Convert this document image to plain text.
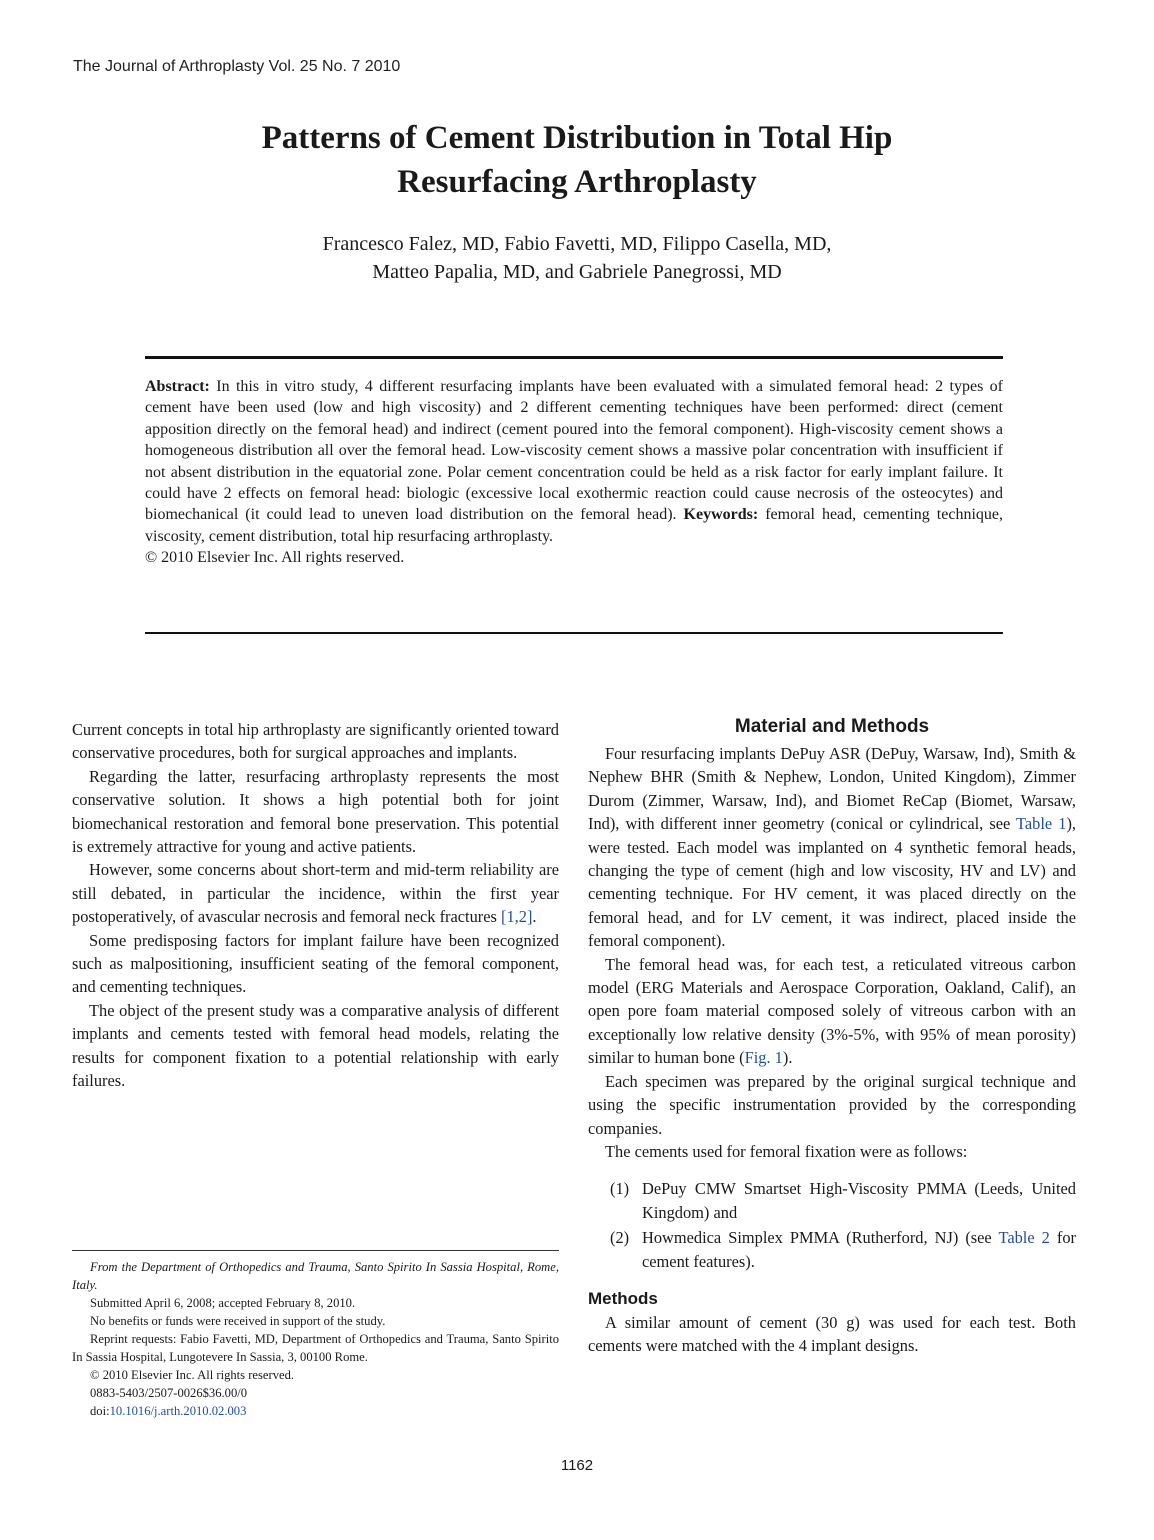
The Journal of Arthroplasty Vol. 25 No. 7 2010
Patterns of Cement Distribution in Total Hip
Resurfacing Arthroplasty
Francesco Falez, MD, Fabio Favetti, MD, Filippo Casella, MD,
Matteo Papalia, MD, and Gabriele Panegrossi, MD
Abstract: In this in vitro study, 4 different resurfacing implants have been evaluated with a simulated femoral head: 2 types of cement have been used (low and high viscosity) and 2 different cementing techniques have been performed: direct (cement apposition directly on the femoral head) and indirect (cement poured into the femoral component). High-viscosity cement shows a homogeneous distribution all over the femoral head. Low-viscosity cement shows a massive polar concentration with insufficient if not absent distribution in the equatorial zone. Polar cement concentration could be held as a risk factor for early implant failure. It could have 2 effects on femoral head: biologic (excessive local exothermic reaction could cause necrosis of the osteocytes) and biomechanical (it could lead to uneven load distribution on the femoral head). Keywords: femoral head, cementing technique, viscosity, cement distribution, total hip resurfacing arthroplasty.
© 2010 Elsevier Inc. All rights reserved.

Current concepts in total hip arthroplasty are significantly oriented toward conservative procedures, both for surgical approaches and implants.

Regarding the latter, resurfacing arthroplasty represents the most conservative solution. It shows a high potential both for joint biomechanical restoration and femoral bone preservation. This potential is extremely attractive for young and active patients.

However, some concerns about short-term and mid-term reliability are still debated, in particular the incidence, within the first year postoperatively, of avascular necrosis and femoral neck fractures [1,2].

Some predisposing factors for implant failure have been recognized such as malpositioning, insufficient seating of the femoral component, and cementing techniques.

The object of the present study was a comparative analysis of different implants and cements tested with femoral head models, relating the results for component fixation to a potential relationship with early failures.

From the Department of Orthopedics and Trauma, Santo Spirito In Sassia Hospital, Rome, Italy.

Submitted April 6, 2008; accepted February 8, 2010.

No benefits or funds were received in support of the study.

Reprint requests: Fabio Favetti, MD, Department of Orthopedics and Trauma, Santo Spirito In Sassia Hospital, Lungotevere In Sassia, 3, 00100 Rome.

© 2010 Elsevier Inc. All rights reserved.

0883-5403/2507-0026$36.00/0

doi:10.1016/j.arth.2010.02.003

Material and Methods

Four resurfacing implants DePuy ASR (DePuy, Warsaw, Ind), Smith & Nephew BHR (Smith & Nephew, London, United Kingdom), Zimmer Durom (Zimmer, Warsaw, Ind), and Biomet ReCap (Biomet, Warsaw, Ind), with different inner geometry (conical or cylindrical, see Table 1), were tested. Each model was implanted on 4 synthetic femoral heads, changing the type of cement (high and low viscosity, HV and LV) and cementing technique. For HV cement, it was placed directly on the femoral head, and for LV cement, it was indirect, placed inside the femoral component).

The femoral head was, for each test, a reticulated vitreous carbon model (ERG Materials and Aerospace Corporation, Oakland, Calif), an open pore foam material composed solely of vitreous carbon with an exceptionally low relative density (3%-5%, with 95% of mean porosity) similar to human bone (Fig. 1).

Each specimen was prepared by the original surgical technique and using the specific instrumentation provided by the corresponding companies.

The cements used for femoral fixation were as follows:

(1) DePuy CMW Smartset High-Viscosity PMMA (Leeds, United Kingdom) and
(2) Howmedica Simplex PMMA (Rutherford, NJ) (see Table 2 for cement features).
Methods

A similar amount of cement (30 g) was used for each test. Both cements were matched with the 4 implant designs.

1162
